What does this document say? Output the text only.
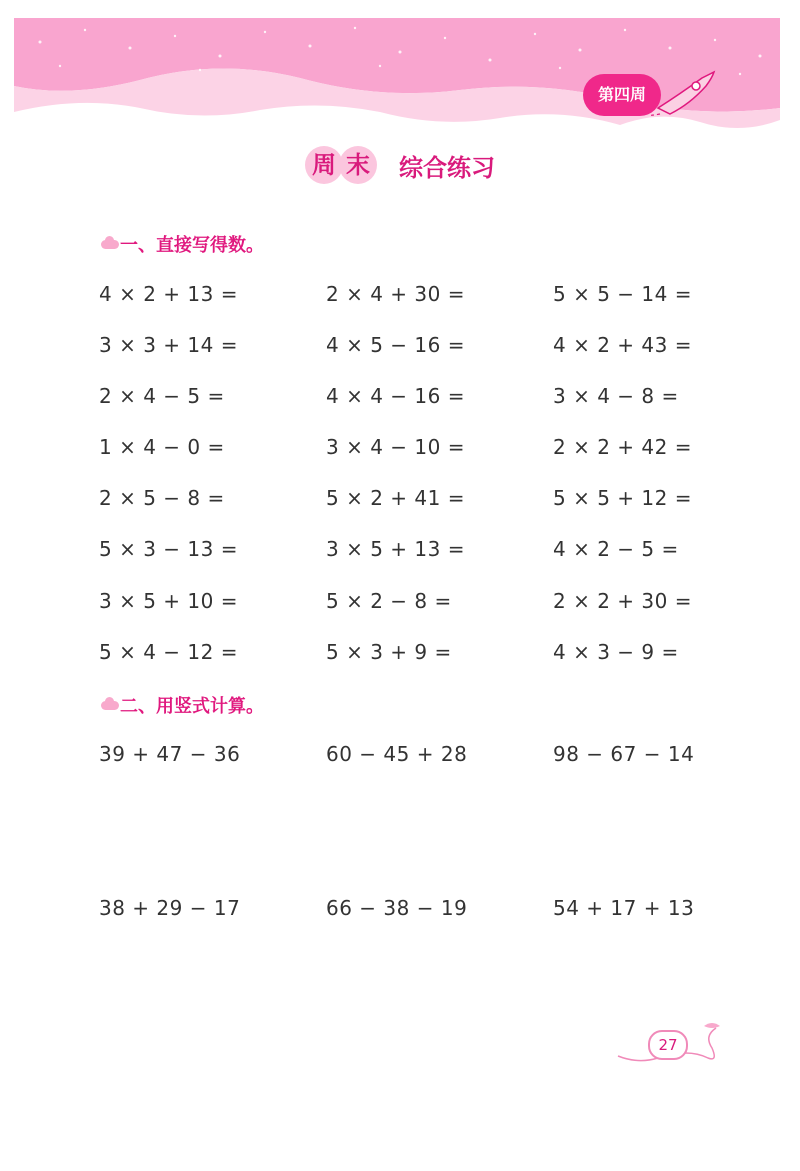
第四周
周 末 综合练习
一、直接写得数。
4 × 2 + 13 =	2 × 4 + 30 =	5 × 5 − 14 =
3 × 3 + 14 =	4 × 5 − 16 =	4 × 2 + 43 =
2 × 4 − 5 =	4 × 4 − 16 =	3 × 4 − 8 =
1 × 4 − 0 =	3 × 4 − 10 =	2 × 2 + 42 =
2 × 5 − 8 =	5 × 2 + 41 =	5 × 5 + 12 =
5 × 3 − 13 =	3 × 5 + 13 =	4 × 2 − 5 =
3 × 5 + 10 =	5 × 2 − 8 =	2 × 2 + 30 =
5 × 4 − 12 =	5 × 3 + 9 =	4 × 3 − 9 =
二、用竖式计算。
39 + 47 − 36	60 − 45 + 28	98 − 67 − 14
38 + 29 − 17	66 − 38 − 19	54 + 17 + 13
27
